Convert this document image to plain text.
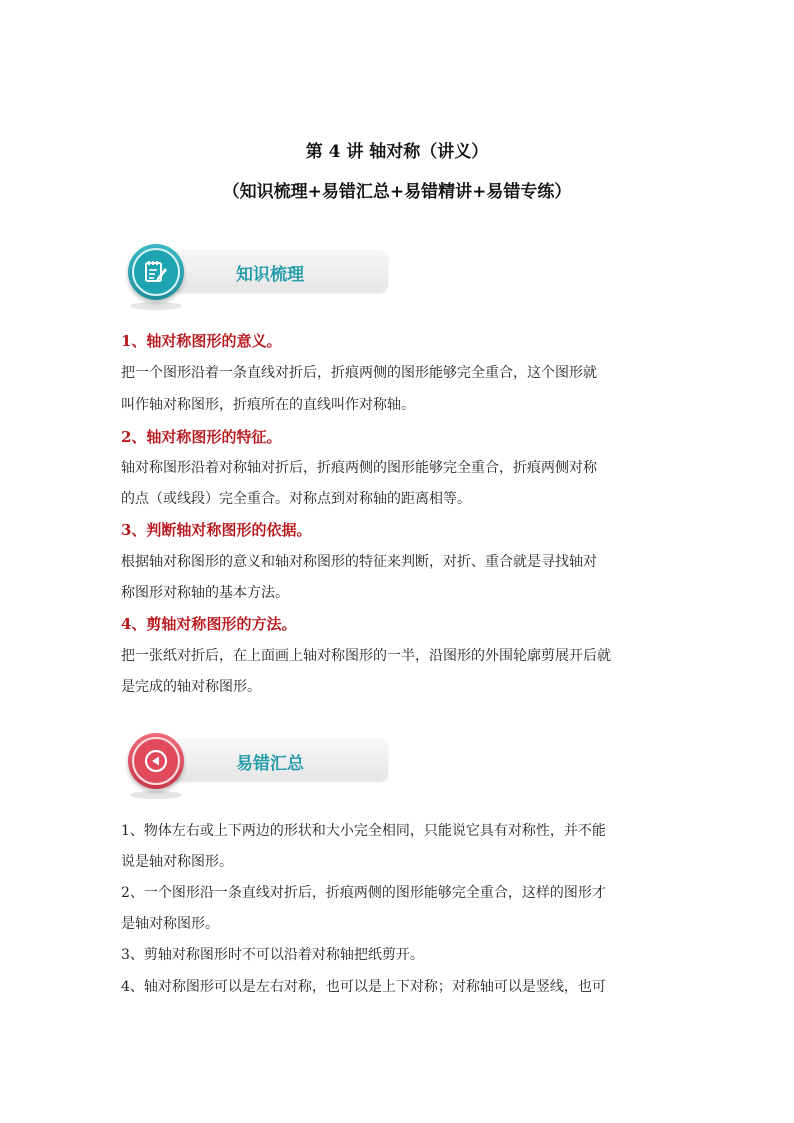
第 4 讲 轴对称（讲义）
（知识梳理+易错汇总+易错精讲+易错专练）
知识梳理
1、轴对称图形的意义。
把一个图形沿着一条直线对折后，折痕两侧的图形能够完全重合，这个图形就
叫作轴对称图形，折痕所在的直线叫作对称轴。
2、轴对称图形的特征。
轴对称图形沿着对称轴对折后，折痕两侧的图形能够完全重合，折痕两侧对称
的点（或线段）完全重合。对称点到对称轴的距离相等。
3、判断轴对称图形的依据。
根据轴对称图形的意义和轴对称图形的特征来判断，对折、重合就是寻找轴对
称图形对称轴的基本方法。
4、剪轴对称图形的方法。
把一张纸对折后，在上面画上轴对称图形的一半，沿图形的外围轮廓剪展开后就
是完成的轴对称图形。
易错汇总
1、物体左右或上下两边的形状和大小完全相同，只能说它具有对称性，并不能
说是轴对称图形。
2、一个图形沿一条直线对折后，折痕两侧的图形能够完全重合，这样的图形才
是轴对称图形。
3、剪轴对称图形时不可以沿着对称轴把纸剪开。
4、轴对称图形可以是左右对称，也可以是上下对称；对称轴可以是竖线，也可
